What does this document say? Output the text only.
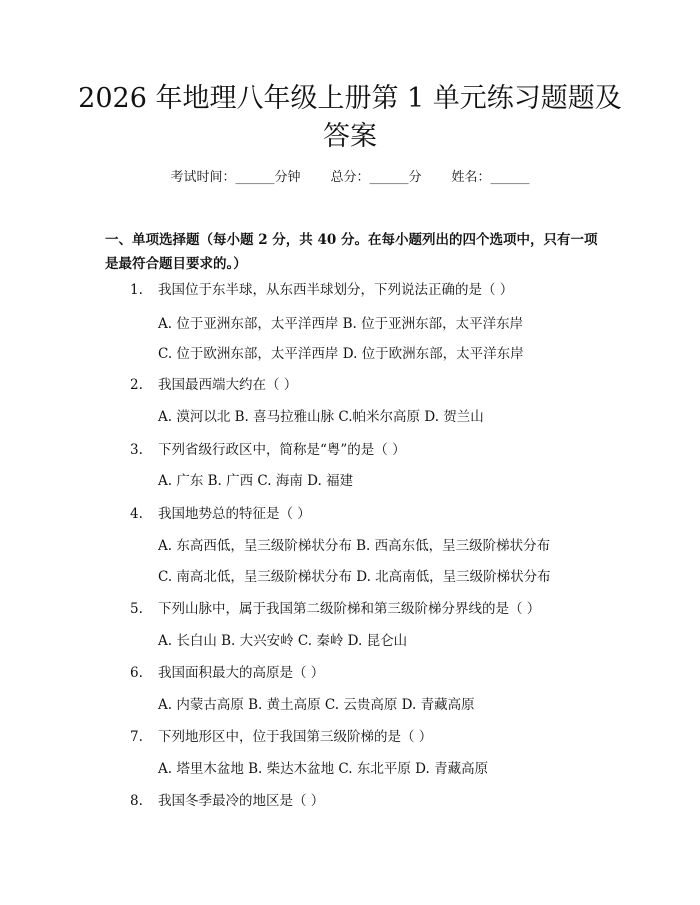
2026 年地理八年级上册第 1 单元练习题题及
答案
考试时间：______分钟 总分：______分 姓名：______

一、单项选择题（每小题 2 分，共 40 分。在每小题列出的四个选项中，只有一项是最符合题目要求的。）

1. 我国位于东半球，从东西半球划分，下列说法正确的是（ ）
A. 位于亚洲东部，太平洋西岸 B. 位于亚洲东部，太平洋东岸
C. 位于欧洲东部，太平洋西岸 D. 位于欧洲东部，太平洋东岸
2. 我国最西端大约在（ ）
A. 漠河以北 B. 喜马拉雅山脉 C.帕米尔高原 D. 贺兰山
3. 下列省级行政区中，简称是“粤”的是（ ）
A. 广东 B. 广西 C. 海南 D. 福建
4. 我国地势总的特征是（ ）
A. 东高西低，呈三级阶梯状分布 B. 西高东低，呈三级阶梯状分布
C. 南高北低，呈三级阶梯状分布 D. 北高南低，呈三级阶梯状分布
5. 下列山脉中，属于我国第二级阶梯和第三级阶梯分界线的是（ ）
A. 长白山 B. 大兴安岭 C. 秦岭 D. 昆仑山
6. 我国面积最大的高原是（ ）
A. 内蒙古高原 B. 黄土高原 C. 云贵高原 D. 青藏高原
7. 下列地形区中，位于我国第三级阶梯的是（ ）
A. 塔里木盆地 B. 柴达木盆地 C. 东北平原 D. 青藏高原
8. 我国冬季最冷的地区是（ ）
